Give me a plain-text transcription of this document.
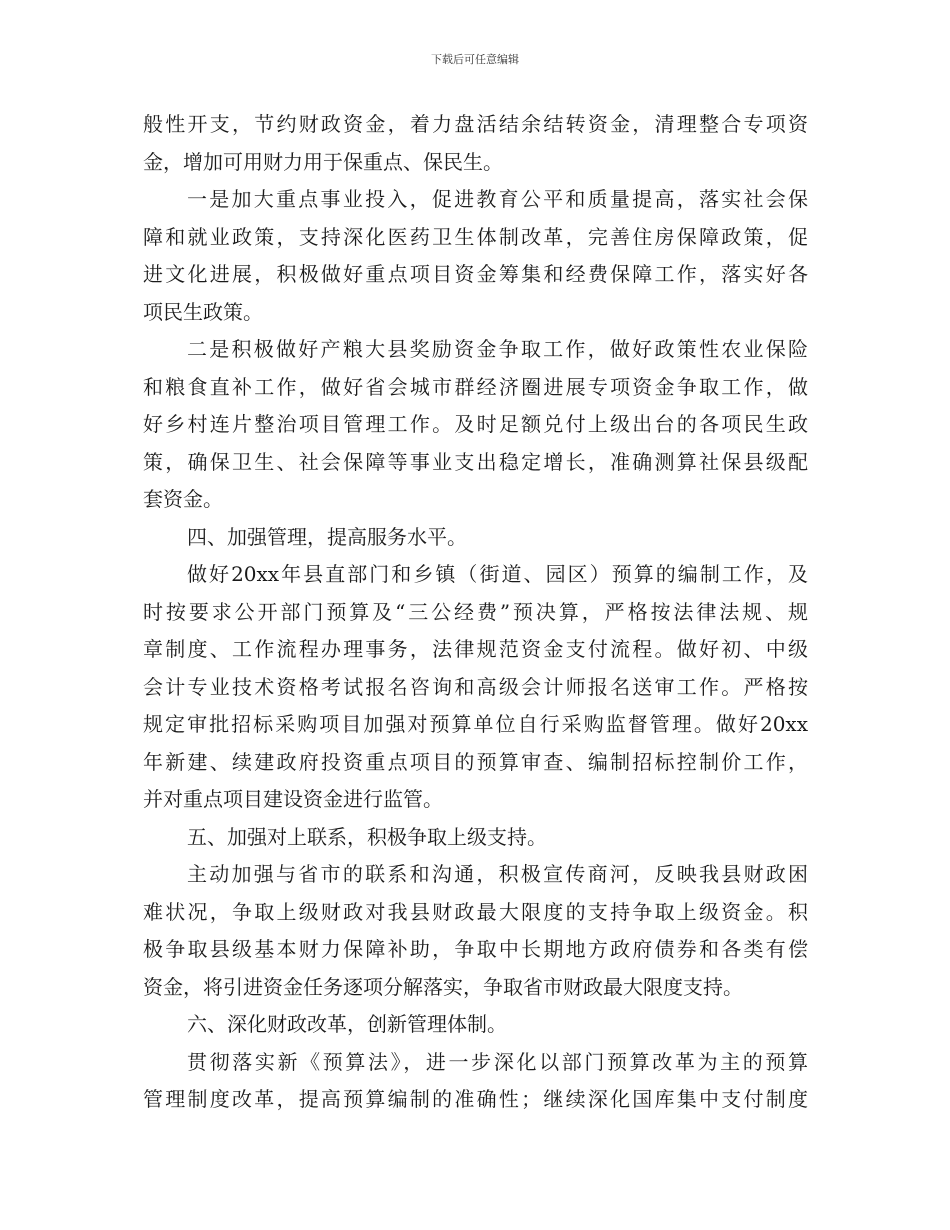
下载后可任意编辑
般性开支，节约财政资金，着力盘活结余结转资金，清理整合专项资
金，增加可用财力用于保重点、保民生。
一是加大重点事业投入，促进教育公平和质量提高，落实社会保
障和就业政策，支持深化医药卫生体制改革，完善住房保障政策，促
进文化进展，积极做好重点项目资金筹集和经费保障工作，落实好各
项民生政策。
二是积极做好产粮大县奖励资金争取工作，做好政策性农业保险
和粮食直补工作，做好省会城市群经济圈进展专项资金争取工作，做
好乡村连片整治项目管理工作。及时足额兑付上级出台的各项民生政
策，确保卫生、社会保障等事业支出稳定增长，准确测算社保县级配
套资金。
四、加强管理，提高服务水平。
做好20xx年县直部门和乡镇（街道、园区）预算的编制工作，及
时按要求公开部门预算及“三公经费”预决算，严格按法律法规、规
章制度、工作流程办理事务，法律规范资金支付流程。做好初、中级
会计专业技术资格考试报名咨询和高级会计师报名送审工作。严格按
规定审批招标采购项目加强对预算单位自行采购监督管理。做好20xx
年新建、续建政府投资重点项目的预算审查、编制招标控制价工作，
并对重点项目建设资金进行监管。
五、加强对上联系，积极争取上级支持。
主动加强与省市的联系和沟通，积极宣传商河，反映我县财政困
难状况，争取上级财政对我县财政最大限度的支持争取上级资金。积
极争取县级基本财力保障补助，争取中长期地方政府债券和各类有偿
资金，将引进资金任务逐项分解落实，争取省市财政最大限度支持。
六、深化财政改革，创新管理体制。
贯彻落实新《预算法》，进一步深化以部门预算改革为主的预算
管理制度改革，提高预算编制的准确性；继续深化国库集中支付制度
